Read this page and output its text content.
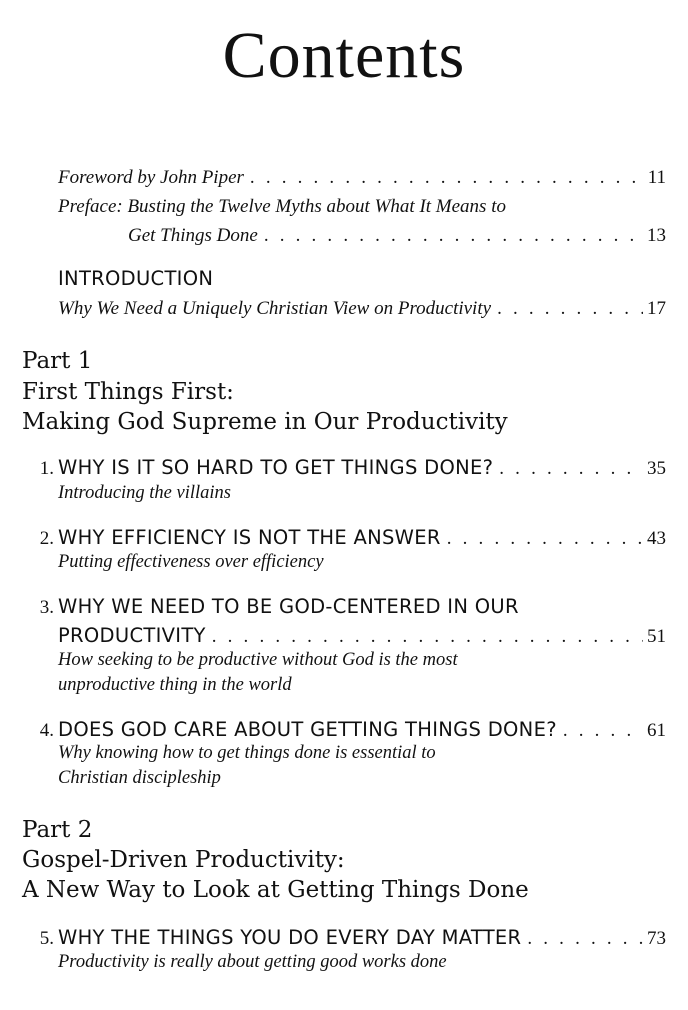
Contents
Foreword by John Piper . . .	11
Preface: Busting the Twelve Myths about What It Means to
Get Things Done . . .	13
INTRODUCTION
Why We Need a Uniquely Christian View on Productivity . . .	17
Part 1
First Things First:
Making God Supreme in Our Productivity
1. WHY IS IT SO HARD TO GET THINGS DONE? . . .	35
Introducing the villains
2. WHY EFFICIENCY IS NOT THE ANSWER . . .	43
Putting effectiveness over efficiency
3. WHY WE NEED TO BE GOD-CENTERED IN OUR
PRODUCTIVITY . . .	51
How seeking to be productive without God is the most
unproductive thing in the world
4. DOES GOD CARE ABOUT GETTING THINGS DONE? . . .	61
Why knowing how to get things done is essential to
Christian discipleship
Part 2
Gospel-Driven Productivity:
A New Way to Look at Getting Things Done
5. WHY THE THINGS YOU DO EVERY DAY MATTER . . .	73
Productivity is really about getting good works done
